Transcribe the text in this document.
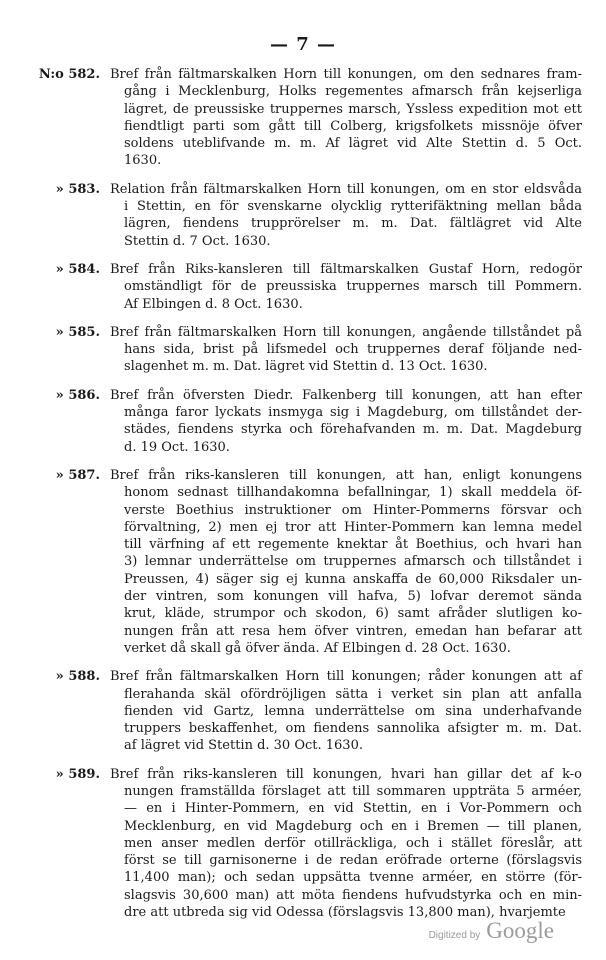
— 7 —
N:o 582. Bref från fältmarskalken Horn till konungen, om den sednares fram-
gång i Mecklenburg, Holks regementes afmarsch från kejserliga
lägret, de preussiske truppernes marsch, Yssless expedition mot ett
fiendtligt parti som gått till Colberg, krigsfolkets missnöje öfver
soldens uteblifvande m. m. Af lägret vid Alte Stettin d. 5 Oct.
1630.
» 583. Relation från fältmarskalken Horn till konungen, om en stor eldsvåda
i Stettin, en för svenskarne olycklig rytterifäktning mellan båda
lägren, fiendens trupprörelser m. m. Dat. fältlägret vid Alte
Stettin d. 7 Oct. 1630.
» 584. Bref från Riks-kansleren till fältmarskalken Gustaf Horn, redogör
omständligt för de preussiska truppernes marsch till Pommern.
Af Elbingen d. 8 Oct. 1630.
» 585. Bref från fältmarskalken Horn till konungen, angående tillståndet på
hans sida, brist på lifsmedel och truppernes deraf följande ned-
slagenhet m. m. Dat. lägret vid Stettin d. 13 Oct. 1630.
» 586. Bref från öfversten Diedr. Falkenberg till konungen, att han efter
många faror lyckats insmyga sig i Magdeburg, om tillståndet der-
städes, fiendens styrka och förehafvanden m. m. Dat. Magdeburg
d. 19 Oct. 1630.
» 587. Bref från riks-kansleren till konungen, att han, enligt konungens
honom sednast tillhandakomna befallningar, 1) skall meddela öf-
verste Boethius instruktioner om Hinter-Pommerns försvar och
förvaltning, 2) men ej tror att Hinter-Pommern kan lemna medel
till värfning af ett regemente knektar åt Boethius, och hvari han
3) lemnar underrättelse om truppernes afmarsch och tillståndet i
Preussen, 4) säger sig ej kunna anskaffa de 60,000 Riksdaler un-
der vintren, som konungen vill hafva, 5) lofvar deremot sända
krut, kläde, strumpor och skodon, 6) samt afråder slutligen ko-
nungen från att resa hem öfver vintren, emedan han befarar att
verket då skall gå öfver ända. Af Elbingen d. 28 Oct. 1630.
» 588. Bref från fältmarskalken Horn till konungen; råder konungen att af
flerahanda skäl ofördröjligen sätta i verket sin plan att anfalla
fienden vid Gartz, lemna underrättelse om sina underhafvande
truppers beskaffenhet, om fiendens sannolika afsigter m. m. Dat.
af lägret vid Stettin d. 30 Oct. 1630.
» 589. Bref från riks-kansleren till konungen, hvari han gillar det af k-o
nungen framställda förslaget att till sommaren uppträta 5 arméer,
— en i Hinter-Pommern, en vid Stettin, en i Vor-Pommern och
Mecklenburg, en vid Magdeburg och en i Bremen — till planen,
men anser medlen derför otillräckliga, och i stället föreslår, att
först se till garnisonerne i de redan eröfrade orterne (förslagsvis
11,400 man); och sedan uppsätta tvenne arméer, en större (för-
slagsvis 30,600 man) att möta fiendens hufvudstyrka och en min-
dre att utbreda sig vid Odessa (förslagsvis 13,800 man), hvarjemte
Digitized by Google
